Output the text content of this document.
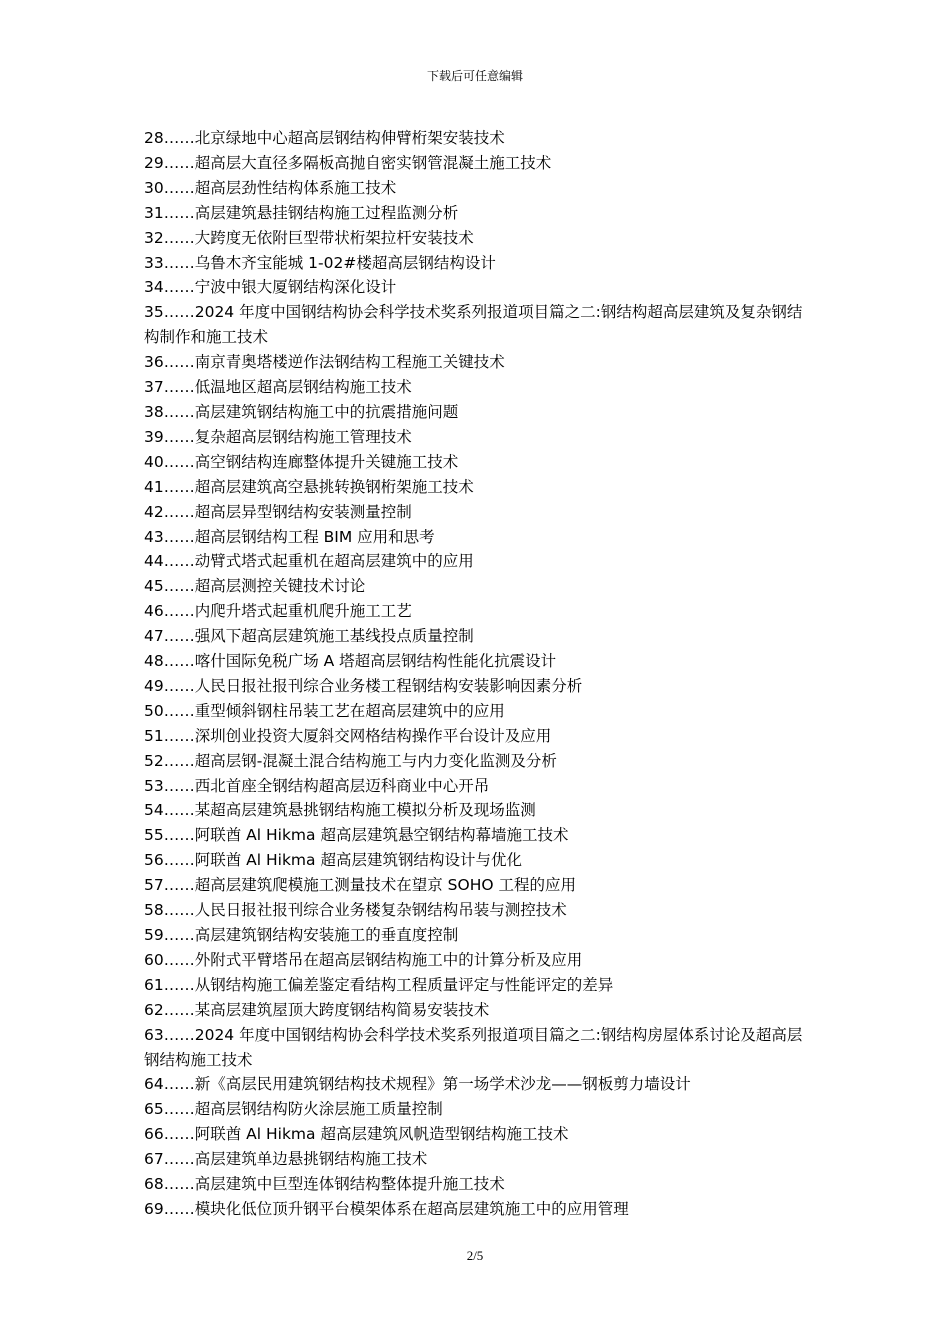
下载后可任意编辑
28……北京绿地中心超高层钢结构伸臂桁架安装技术
29……超高层大直径多隔板高抛自密实钢管混凝土施工技术
30……超高层劲性结构体系施工技术
31……高层建筑悬挂钢结构施工过程监测分析
32……大跨度无依附巨型带状桁架拉杆安装技术
33……乌鲁木齐宝能城 1-02#楼超高层钢结构设计
34……宁波中银大厦钢结构深化设计
35……2024 年度中国钢结构协会科学技术奖系列报道项目篇之二:钢结构超高层建筑及复杂钢结构制作和施工技术
36……南京青奥塔楼逆作法钢结构工程施工关键技术
37……低温地区超高层钢结构施工技术
38……高层建筑钢结构施工中的抗震措施问题
39……复杂超高层钢结构施工管理技术
40……高空钢结构连廊整体提升关键施工技术
41……超高层建筑高空悬挑转换钢桁架施工技术
42……超高层异型钢结构安装测量控制
43……超高层钢结构工程 BIM 应用和思考
44……动臂式塔式起重机在超高层建筑中的应用
45……超高层测控关键技术讨论
46……内爬升塔式起重机爬升施工工艺
47……强风下超高层建筑施工基线投点质量控制
48……喀什国际免税广场 A 塔超高层钢结构性能化抗震设计
49……人民日报社报刊综合业务楼工程钢结构安装影响因素分析
50……重型倾斜钢柱吊装工艺在超高层建筑中的应用
51……深圳创业投资大厦斜交网格结构操作平台设计及应用
52……超高层钢-混凝土混合结构施工与内力变化监测及分析
53……西北首座全钢结构超高层迈科商业中心开吊
54……某超高层建筑悬挑钢结构施工模拟分析及现场监测
55……阿联酋 Al Hikma 超高层建筑悬空钢结构幕墙施工技术
56……阿联酋 Al Hikma 超高层建筑钢结构设计与优化
57……超高层建筑爬模施工测量技术在望京 SOHO 工程的应用
58……人民日报社报刊综合业务楼复杂钢结构吊装与测控技术
59……高层建筑钢结构安装施工的垂直度控制
60……外附式平臂塔吊在超高层钢结构施工中的计算分析及应用
61……从钢结构施工偏差鉴定看结构工程质量评定与性能评定的差异
62……某高层建筑屋顶大跨度钢结构简易安装技术
63……2024 年度中国钢结构协会科学技术奖系列报道项目篇之二:钢结构房屋体系讨论及超高层钢结构施工技术
64……新《高层民用建筑钢结构技术规程》第一场学术沙龙——钢板剪力墙设计
65……超高层钢结构防火涂层施工质量控制
66……阿联酋 Al Hikma 超高层建筑风帆造型钢结构施工技术
67……高层建筑单边悬挑钢结构施工技术
68……高层建筑中巨型连体钢结构整体提升施工技术
69……模块化低位顶升钢平台模架体系在超高层建筑施工中的应用管理
2/5
